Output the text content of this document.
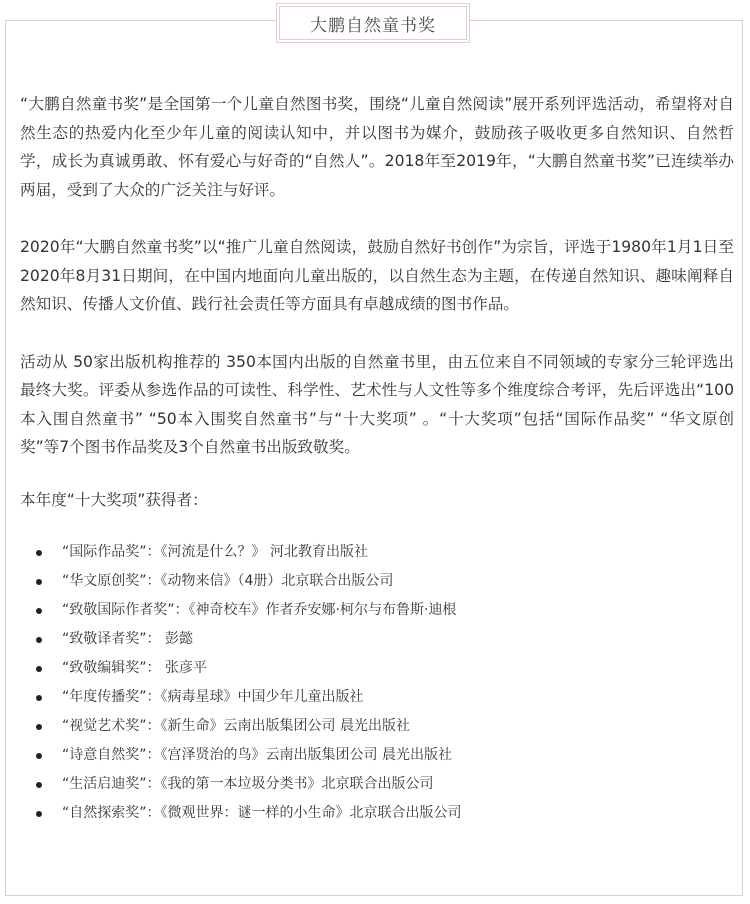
大鹏自然童书奖

“大鹏自然童书奖”是全国第一个儿童自然图书奖，围绕“儿童自然阅读”展开系列评选活动，希望将对自然生态的热爱内化至少年儿童的阅读认知中，并以图书为媒介，鼓励孩子吸收更多自然知识、自然哲学，成长为真诚勇敢、怀有爱心与好奇的“自然人”。2018年至2019年，“大鹏自然童书奖”已连续举办两届，受到了大众的广泛关注与好评。

2020年“大鹏自然童书奖”以“推广儿童自然阅读，鼓励自然好书创作”为宗旨，评选于1980年1月1日至2020年8月31日期间，在中国内地面向儿童出版的，以自然生态为主题，在传递自然知识、趣味阐释自然知识、传播人文价值、践行社会责任等方面具有卓越成绩的图书作品。

活动从 50家出版机构推荐的 350本国内出版的自然童书里，由五位来自不同领域的专家分三轮评选出最终大奖。评委从参选作品的可读性、科学性、艺术性与人文性等多个维度综合考评，先后评选出“100本入围自然童书” “50本入围奖自然童书”与“十大奖项” 。“十大奖项”包括“国际作品奖” “华文原创奖”等7个图书作品奖及3个自然童书出版致敬奖。

本年度“十大奖项”获得者：

“国际作品奖”：《河流是什么？》 河北教育出版社
“华文原创奖”：《动物来信》（4册）北京联合出版公司
“致敬国际作者奖”：《神奇校车》作者乔安娜·柯尔与布鲁斯·迪根
“致敬译者奖”： 彭懿
“致敬编辑奖”： 张彦平
“年度传播奖”：《病毒星球》中国少年儿童出版社
“视觉艺术奖”：《新生命》云南出版集团公司 晨光出版社
“诗意自然奖”：《宫泽贤治的鸟》云南出版集团公司 晨光出版社
“生活启迪奖”：《我的第一本垃圾分类书》北京联合出版公司
“自然探索奖”：《微观世界：谜一样的小生命》北京联合出版公司
